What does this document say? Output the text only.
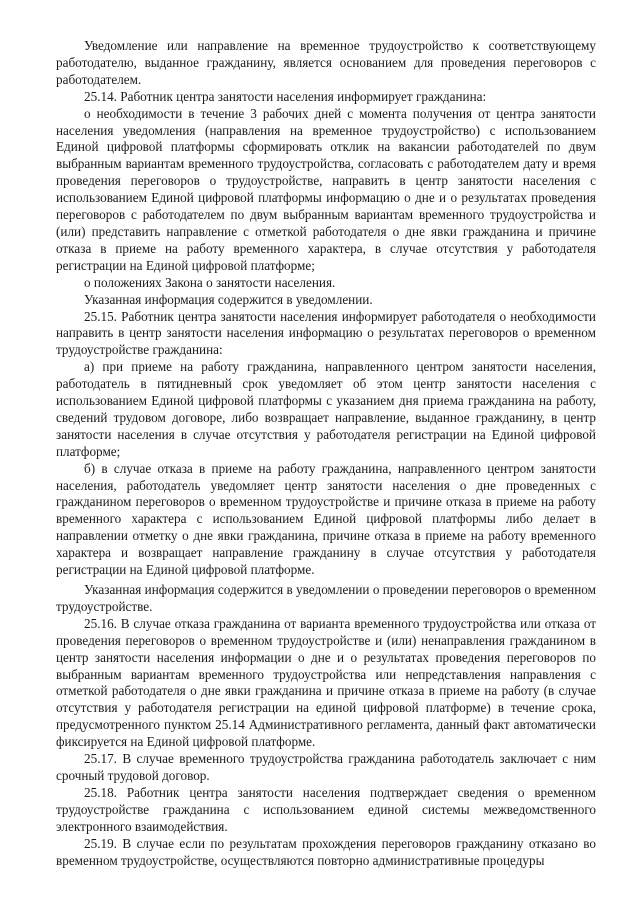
Уведомление или направление на временное трудоустройство к соответствующему работодателю, выданное гражданину, является основанием для проведения переговоров с работодателем.

25.14. Работник центра занятости населения информирует гражданина:

о необходимости в течение 3 рабочих дней с момента получения от центра занятости населения уведомления (направления на временное трудоустройство) с использованием Единой цифровой платформы сформировать отклик на вакансии работодателей по двум выбранным вариантам временного трудоустройства, согласовать с работодателем дату и время проведения переговоров о трудоустройстве, направить в центр занятости населения с использованием Единой цифровой платформы информацию о дне и о результатах проведения переговоров с работодателем по двум выбранным вариантам временного трудоустройства и (или) представить направление с отметкой работодателя о дне явки гражданина и причине отказа в приеме на работу временного характера, в случае отсутствия у работодателя регистрации на Единой цифровой платформе;

о положениях Закона о занятости населения.

Указанная информация содержится в уведомлении.

25.15. Работник центра занятости населения информирует работодателя о необходимости направить в центр занятости населения информацию о результатах переговоров о временном трудоустройстве гражданина:

а) при приеме на работу гражданина, направленного центром занятости населения, работодатель в пятидневный срок уведомляет об этом центр занятости населения с использованием Единой цифровой платформы с указанием дня приема гражданина на работу, сведений трудовом договоре, либо возвращает направление, выданное гражданину, в центр занятости населения в случае отсутствия у работодателя регистрации на Единой цифровой платформе;

б) в случае отказа в приеме на работу гражданина, направленного центром занятости населения, работодатель уведомляет центр занятости населения о дне проведенных с гражданином переговоров о временном трудоустройстве и причине отказа в приеме на работу временного характера с использованием Единой цифровой платформы либо делает в направлении отметку о дне явки гражданина, причине отказа в приеме на работу временного характера и возвращает направление гражданину в случае отсутствия у работодателя регистрации на Единой цифровой платформе.

Указанная информация содержится в уведомлении о проведении переговоров о временном трудоустройстве.

25.16. В случае отказа гражданина от варианта временного трудоустройства или отказа от проведения переговоров о временном трудоустройстве и (или) ненаправления гражданином в центр занятости населения информации о дне и о результатах проведения переговоров по выбранным вариантам временного трудоустройства или непредставления направления с отметкой работодателя о дне явки гражданина и причине отказа в приеме на работу (в случае отсутствия у работодателя регистрации на единой цифровой платформе) в течение срока, предусмотренного пунктом 25.14 Административного регламента, данный факт автоматически фиксируется на Единой цифровой платформе.

25.17. В случае временного трудоустройства гражданина работодатель заключает с ним срочный трудовой договор.

25.18. Работник центра занятости населения подтверждает сведения о временном трудоустройстве гражданина с использованием единой системы межведомственного электронного взаимодействия.

25.19. В случае если по результатам прохождения переговоров гражданину отказано во временном трудоустройстве, осуществляются повторно административные процедуры
